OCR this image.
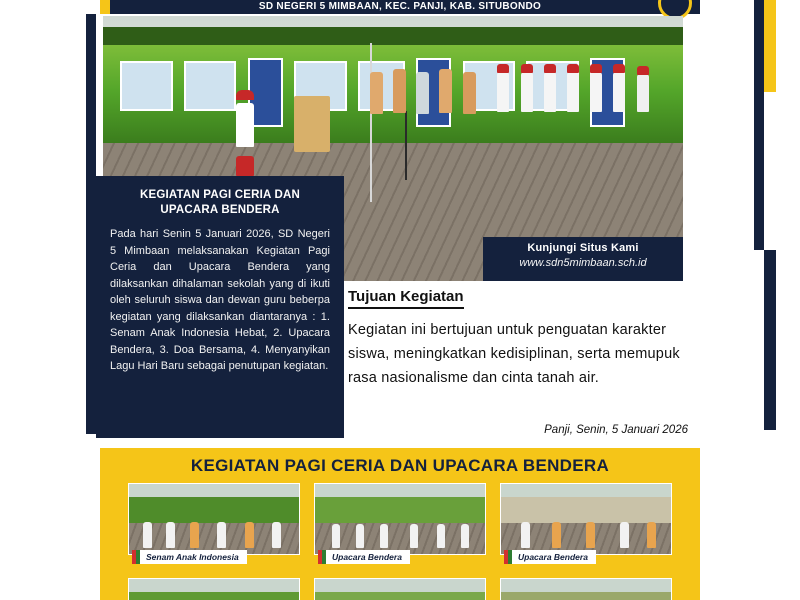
SD NEGERI 5 MIMBAAN, KEC. PANJI, KAB. SITUBONDO
Kunjungi Situs Kami
www.sdn5mimbaan.sch.id
KEGIATAN PAGI CERIA DAN UPACARA BENDERA
Pada hari Senin 5 Januari 2026, SD Negeri 5 Mimbaan melaksanakan Kegiatan Pagi Ceria dan Upacara Bendera yang dilaksankan dihalaman sekolah yang di ikuti oleh seluruh siswa dan dewan guru beberpa kegiatan yang dilaksankan diantaranya : 1. Senam Anak Indonesia Hebat, 2. Upacara Bendera, 3. Doa Bersama, 4. Menyanyikan Lagu Hari Baru sebagai penutupan kegiatan.
Tujuan Kegiatan
Kegiatan ini bertujuan untuk penguatan karakter siswa, meningkatkan kedisiplinan, serta memupuk rasa nasionalisme dan cinta tanah air.
Panji, Senin, 5 Januari 2026
KEGIATAN PAGI CERIA DAN UPACARA BENDERA
Senam Anak Indonesia	Upacara Bendera	Upacara Bendera
